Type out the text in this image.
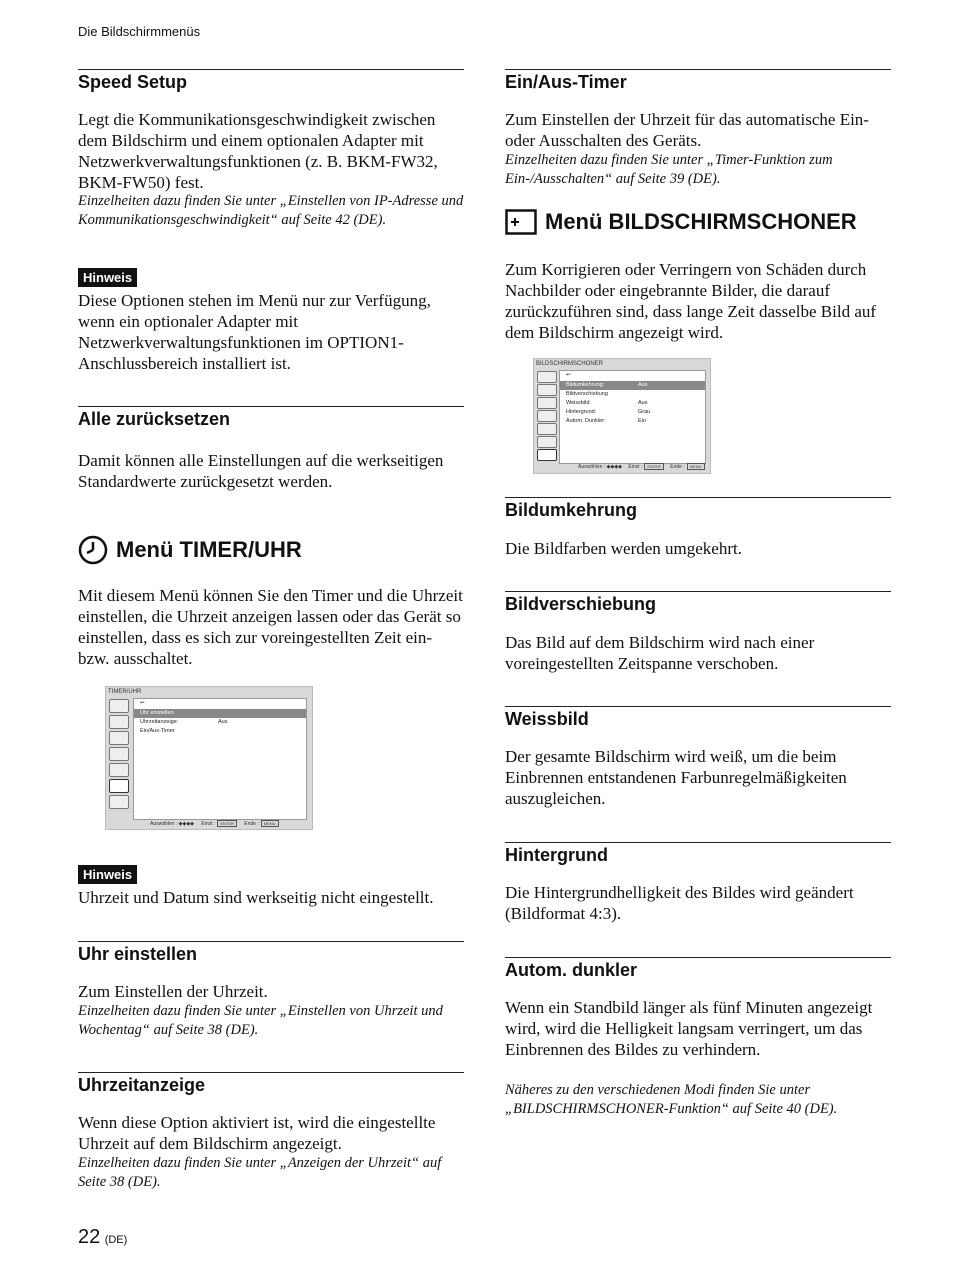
Die Bildschirmmenüs
Speed Setup
Legt die Kommunikationsgeschwindigkeit zwischen dem Bildschirm und einem optionalen Adapter mit Netzwerkverwaltungsfunktionen (z. B. BKM-FW32, BKM-FW50) fest.
Einzelheiten dazu finden Sie unter „Einstellen von IP-Adresse und Kommunikationsgeschwindigkeit“ auf Seite 42 (DE).
Hinweis
Diese Optionen stehen im Menü nur zur Verfügung, wenn ein optionaler Adapter mit Netzwerkverwaltungsfunktionen im OPTION1-Anschlussbereich installiert ist.
Alle zurücksetzen
Damit können alle Einstellungen auf die werkseitigen Standardwerte zurückgesetzt werden.
Menü TIMER/UHR
Mit diesem Menü können Sie den Timer und die Uhrzeit einstellen, die Uhrzeit anzeigen lassen oder das Gerät so einstellen, dass es sich zur voreingestellten Zeit ein- bzw. ausschaltet.
TIMER/UHR
↩
Uhr einstellen
Uhrzeitanzeige:	Aus
Ein/Aus-Timer
Auswählen : ◆◆◆◆ Einst : ENTER Ende : MENU
Hinweis
Uhrzeit und Datum sind werkseitig nicht eingestellt.
Uhr einstellen
Zum Einstellen der Uhrzeit.
Einzelheiten dazu finden Sie unter „Einstellen von Uhrzeit und Wochentag“ auf Seite 38 (DE).
Uhrzeitanzeige
Wenn diese Option aktiviert ist, wird die eingestellte Uhrzeit auf dem Bildschirm angezeigt.
Einzelheiten dazu finden Sie unter „Anzeigen der Uhrzeit“ auf Seite 38 (DE).
Ein/Aus-Timer
Zum Einstellen der Uhrzeit für das automatische Ein- oder Ausschalten des Geräts.
Einzelheiten dazu finden Sie unter „Timer-Funktion zum Ein-/Ausschalten“ auf Seite 39 (DE).
Menü BILDSCHIRMSCHONER
Zum Korrigieren oder Verringern von Schäden durch Nachbilder oder eingebrannte Bilder, die darauf zurückzuführen sind, dass lange Zeit dasselbe Bild auf dem Bildschirm angezeigt wird.
BILDSCHIRMSCHONER
↩
Bildumkehrung:	Aus
Bildverschiebung
Weissbild:	Aus
Hintergrund:	Grau
Autom. Dunkler:	Ein
Auswählen : ◆◆◆◆ Einst : ENTER Ende : MENU
Bildumkehrung
Die Bildfarben werden umgekehrt.
Bildverschiebung
Das Bild auf dem Bildschirm wird nach einer voreingestellten Zeitspanne verschoben.
Weissbild
Der gesamte Bildschirm wird weiß, um die beim Einbrennen entstandenen Farbunregelmäßigkeiten auszugleichen.
Hintergrund
Die Hintergrundhelligkeit des Bildes wird geändert (Bildformat 4:3).
Autom. dunkler
Wenn ein Standbild länger als fünf Minuten angezeigt wird, wird die Helligkeit langsam verringert, um das Einbrennen des Bildes zu verhindern.
Näheres zu den verschiedenen Modi finden Sie unter „BILDSCHIRMSCHONER-Funktion“ auf Seite 40 (DE).
22 (DE)
